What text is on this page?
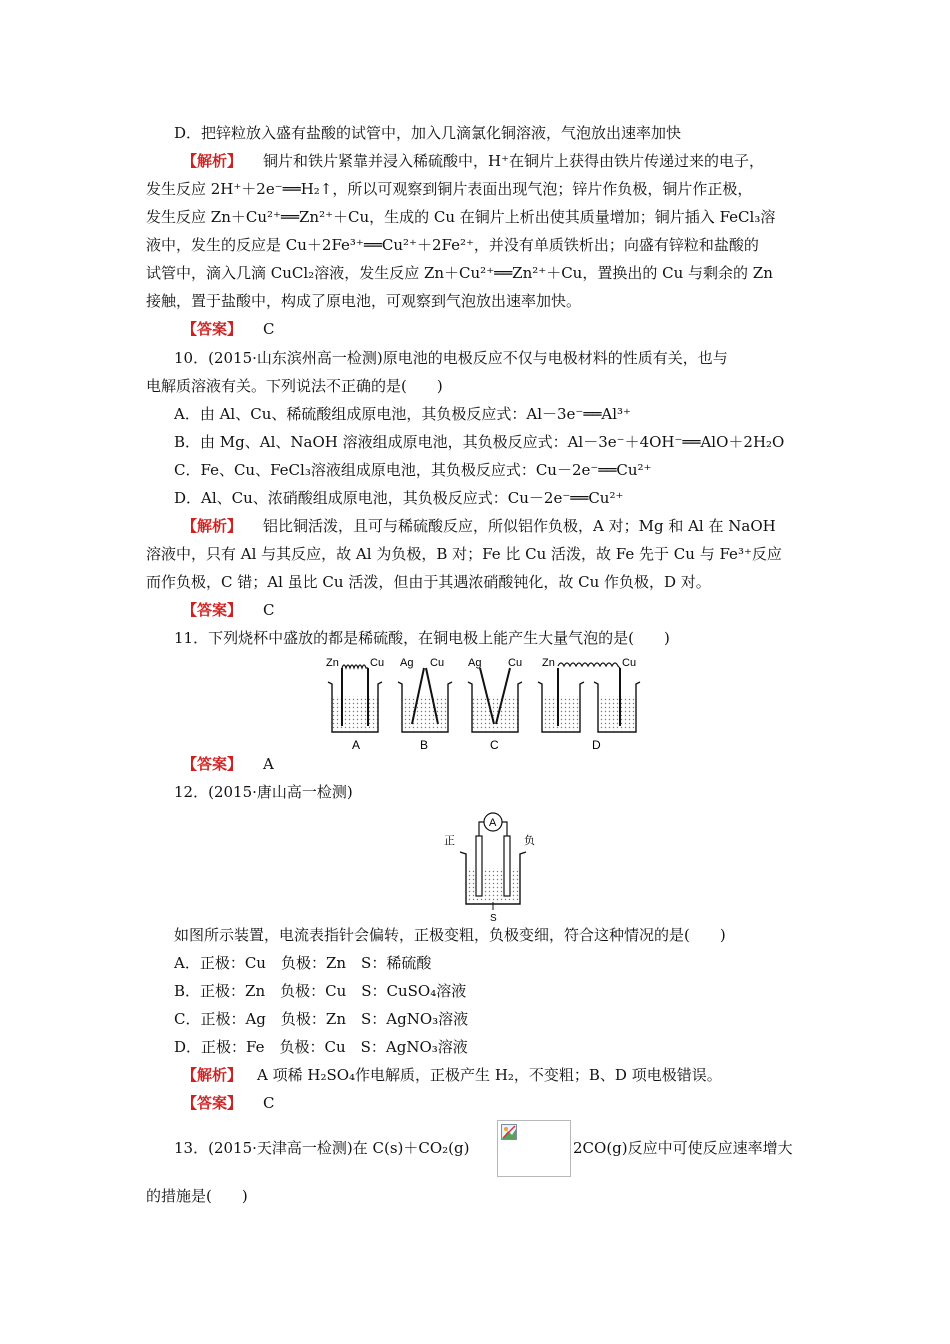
D．把锌粒放入盛有盐酸的试管中，加入几滴氯化铜溶液，气泡放出速率加快
【解析】 铜片和铁片紧靠并浸入稀硫酸中，H⁺在铜片上获得由铁片传递过来的电子，
发生反应 2H⁺＋2e⁻══H₂↑，所以可观察到铜片表面出现气泡；锌片作负极，铜片作正极，
发生反应 Zn＋Cu²⁺══Zn²⁺＋Cu，生成的 Cu 在铜片上析出使其质量增加；铜片插入 FeCl₃溶
液中，发生的反应是 Cu＋2Fe³⁺══Cu²⁺＋2Fe²⁺，并没有单质铁析出；向盛有锌粒和盐酸的
试管中，滴入几滴 CuCl₂溶液，发生反应 Zn＋Cu²⁺══Zn²⁺＋Cu，置换出的 Cu 与剩余的 Zn
接触，置于盐酸中，构成了原电池，可观察到气泡放出速率加快。
【答案】 C
10．(2015·山东滨州高一检测)原电池的电极反应不仅与电极材料的性质有关，也与
电解质溶液有关。下列说法不正确的是(　　)
A．由 Al、Cu、稀硫酸组成原电池，其负极反应式：Al－3e⁻══Al³⁺
B．由 Mg、Al、NaOH 溶液组成原电池，其负极反应式：Al－3e⁻＋4OH⁻══AlO＋2H₂O
C．Fe、Cu、FeCl₃溶液组成原电池，其负极反应式：Cu－2e⁻══Cu²⁺
D．Al、Cu、浓硝酸组成原电池，其负极反应式：Cu－2e⁻══Cu²⁺
【解析】 铝比铜活泼，且可与稀硫酸反应，所似铝作负极，A 对；Mg 和 Al 在 NaOH
溶液中，只有 Al 与其反应，故 Al 为负极，B 对；Fe 比 Cu 活泼，故 Fe 先于 Cu 与 Fe³⁺反应
而作负极，C 错；Al 虽比 Cu 活泼，但由于其遇浓硝酸钝化，故 Cu 作负极，D 对。
【答案】 C
11．下列烧杯中盛放的都是稀硫酸，在铜电极上能产生大量气泡的是(　　)
Zn	Cu
A
Ag Cu
B
Ag Cu
C
Zn	Cu
D
【答案】 A
12．(2015·唐山高一检测)
A
正	负
S
如图所示装置，电流表指针会偏转，正极变粗，负极变细，符合这种情况的是(　　)
A．正极：Cu　负极：Zn　S：稀硫酸
B．正极：Zn　负极：Cu　S：CuSO₄溶液
C．正极：Ag　负极：Zn　S：AgNO₃溶液
D．正极：Fe　负极：Cu　S：AgNO₃溶液
【解析】 A 项稀 H₂SO₄作电解质，正极产生 H₂，不变粗；B、D 项电极错误。
【答案】 C
13．(2015·天津高一检测)在 C(s)＋CO₂(g)	2CO(g)反应中可使反应速率增大
的措施是(　　)
